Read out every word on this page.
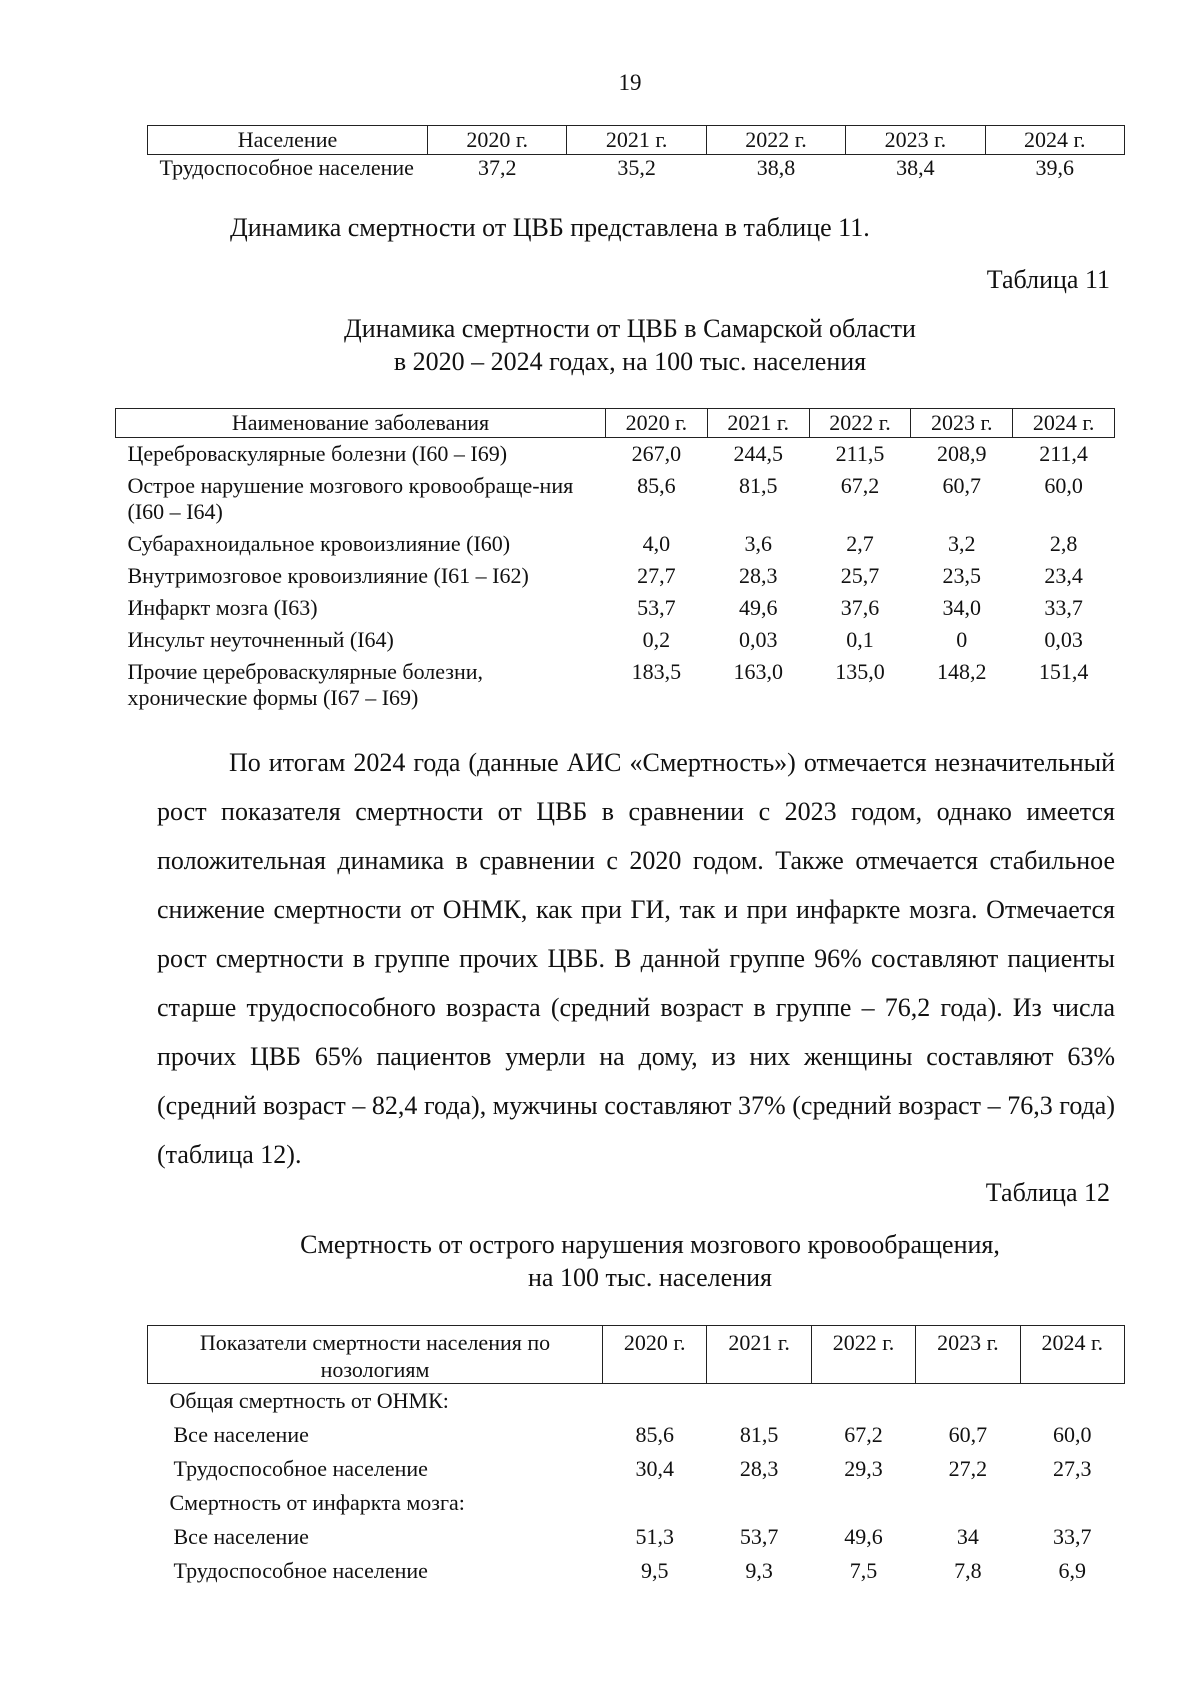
19
Население	2020 г.	2021 г.	2022 г.	2023 г.	2024 г.
Трудоспособное население	37,2	35,2	38,8	38,4	39,6
Динамика смертности от ЦВБ представлена в таблице 11.
Таблица 11
Динамика смертности от ЦВБ в Самарской области
в 2020 – 2024 годах, на 100 тыс. населения
Наименование заболевания	2020 г.	2021 г.	2022 г.	2023 г.	2024 г.
Цереброваскулярные болезни (I60 – I69)	267,0	244,5	211,5	208,9	211,4
Острое нарушение мозгового кровообраще-ния (I60 – I64)	85,6	81,5	67,2	60,7	60,0
Субарахноидальное кровоизлияние (I60)	4,0	3,6	2,7	3,2	2,8
Внутримозговое кровоизлияние (I61 – I62)	27,7	28,3	25,7	23,5	23,4
Инфаркт мозга (I63)	53,7	49,6	37,6	34,0	33,7
Инсульт неуточненный (I64)	0,2	0,03	0,1	0	0,03
Прочие цереброваскулярные болезни, хронические формы (I67 – I69)	183,5	163,0	135,0	148,2	151,4

По итогам 2024 года (данные АИС «Смертность») отмечается незначительный рост показателя смертности от ЦВБ в сравнении с 2023 годом, однако имеется положительная динамика в сравнении с 2020 годом. Также отмечается стабильное снижение смертности от ОНМК, как при ГИ, так и при инфаркте мозга. Отмечается рост смертности в группе прочих ЦВБ. В данной группе 96% составляют пациенты старше трудоспособного возраста (средний возраст в группе – 76,2 года). Из числа прочих ЦВБ 65% пациентов умерли на дому, из них женщины составляют 63% (средний возраст – 82,4 года), мужчины составляют 37% (средний возраст – 76,3 года) (таблица 12).

Таблица 12
Смертность от острого нарушения мозгового кровообращения,
на 100 тыс. населения
Показатели смертности населения по нозологиям	2020 г.	2021 г.	2022 г.	2023 г.	2024 г.
Общая смертность от ОНМК:					
Все население	85,6	81,5	67,2	60,7	60,0
Трудоспособное население	30,4	28,3	29,3	27,2	27,3
Смертность от инфаркта мозга:					
Все население	51,3	53,7	49,6	34	33,7
Трудоспособное население	9,5	9,3	7,5	7,8	6,9
